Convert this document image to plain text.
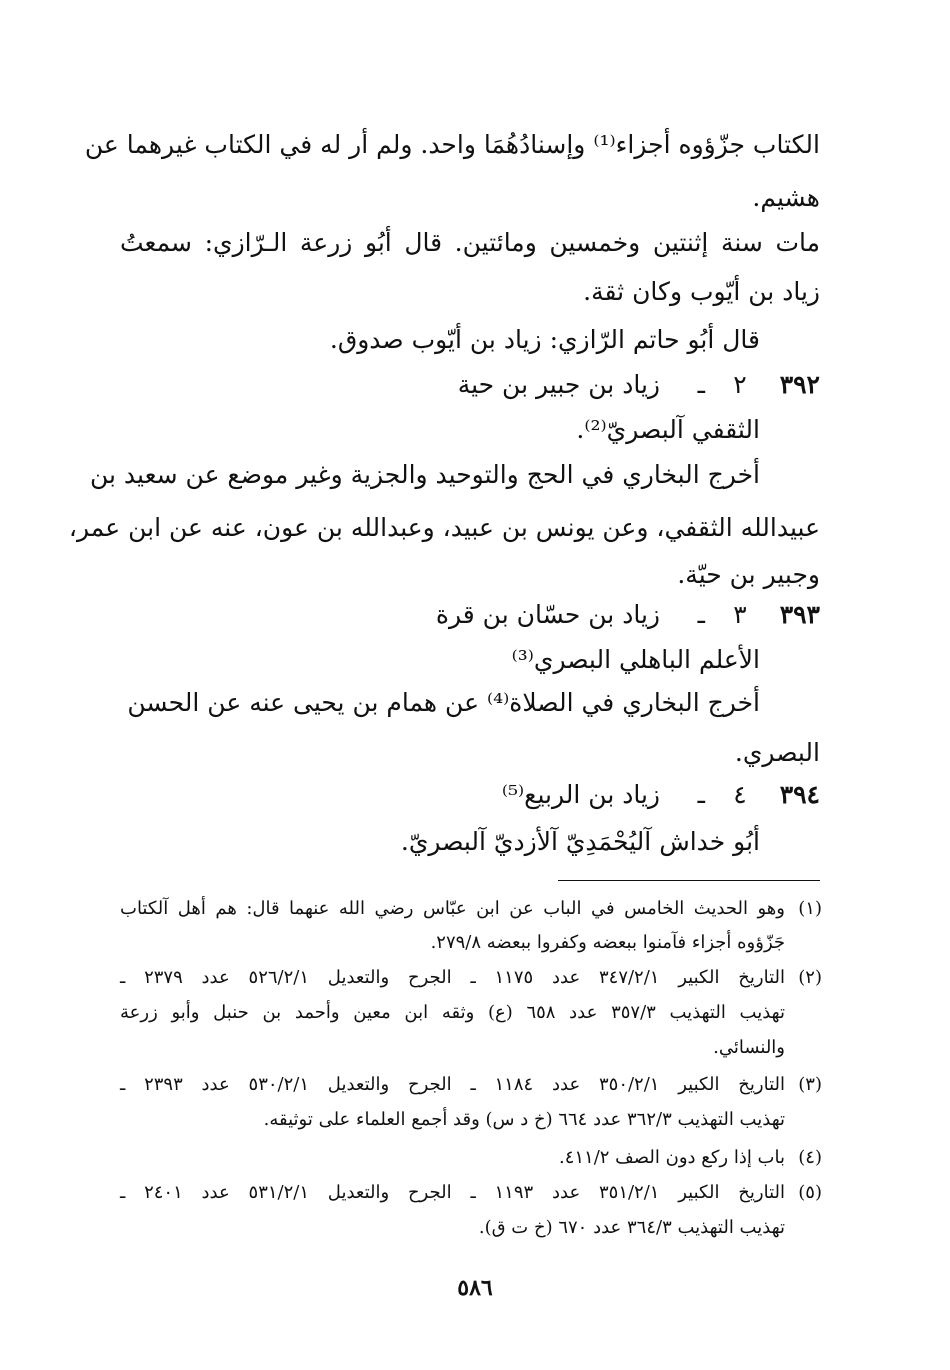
الكتاب جزّؤوه أجزاء⁽¹⁾ وإسنادُهُمَا واحد. ولم أر له في الكتاب غيرهما عن
هشيم.
مات سنة إثنتين وخمسين ومائتين. قال أبُو زرعة الـرّازي: سمعتُ
زياد بن أيّوب وكان ثقة.
قال أبُو حاتم الرّازي: زياد بن أيّوب صدوق.
٣٩٢
٢
ـ
زياد بن جبير بن حية
الثقفي آلبصريّ⁽²⁾.
أخرج البخاري في الحج والتوحيد والجزية وغير موضع عن سعيد بن
عبيدالله الثقفي، وعن يونس بن عبيد، وعبدالله بن عون، عنه عن ابن عمر،
وجبير بن حيّة.
٣٩٣
٣
ـ
زياد بن حسّان بن قرة
الأعلم الباهلي البصري⁽³⁾
أخرج البخاري في الصلاة⁽⁴⁾ عن همام بن يحيى عنه عن الحسن
البصري.
٣٩٤
٤
ـ
زياد بن الربيع⁽⁵⁾
أبُو خداش آليُحْمَدِيّ آلأزديّ آلبصريّ.
(١)
وهو الحديث الخامس في الباب عن ابن عبّاس رضي الله عنهما قال: هم أهل آلكتاب
جَزّؤوه أجزاء فآمنوا ببعضه وكفروا ببعضه ٢٧٩/٨.
(٢)
التاريخ الكبير ٣٤٧/٢/١ عدد ١١٧٥ ـ الجرح والتعديل ٥٢٦/٢/١ عدد ٢٣٧٩ ـ
تهذيب التهذيب ٣٥٧/٣ عدد ٦٥٨ (ع) وثقه ابن معين وأحمد بن حنبل وأبو زرعة
والنسائي.
(٣)
التاريخ الكبير ٣٥٠/٢/١ عدد ١١٨٤ ـ الجرح والتعديل ٥٣٠/٢/١ عدد ٢٣٩٣ ـ
تهذيب التهذيب ٣٦٢/٣ عدد ٦٦٤ (خ د س) وقد أجمع العلماء على توثيقه.
(٤)
باب إذا ركع دون الصف ٤١١/٢.
(٥)
التاريخ الكبير ٣٥١/٢/١ عدد ١١٩٣ ـ الجرح والتعديل ٥٣١/٢/١ عدد ٢٤٠١ ـ
تهذيب التهذيب ٣٦٤/٣ عدد ٦٧٠ (خ ت ق).
٥٨٦
